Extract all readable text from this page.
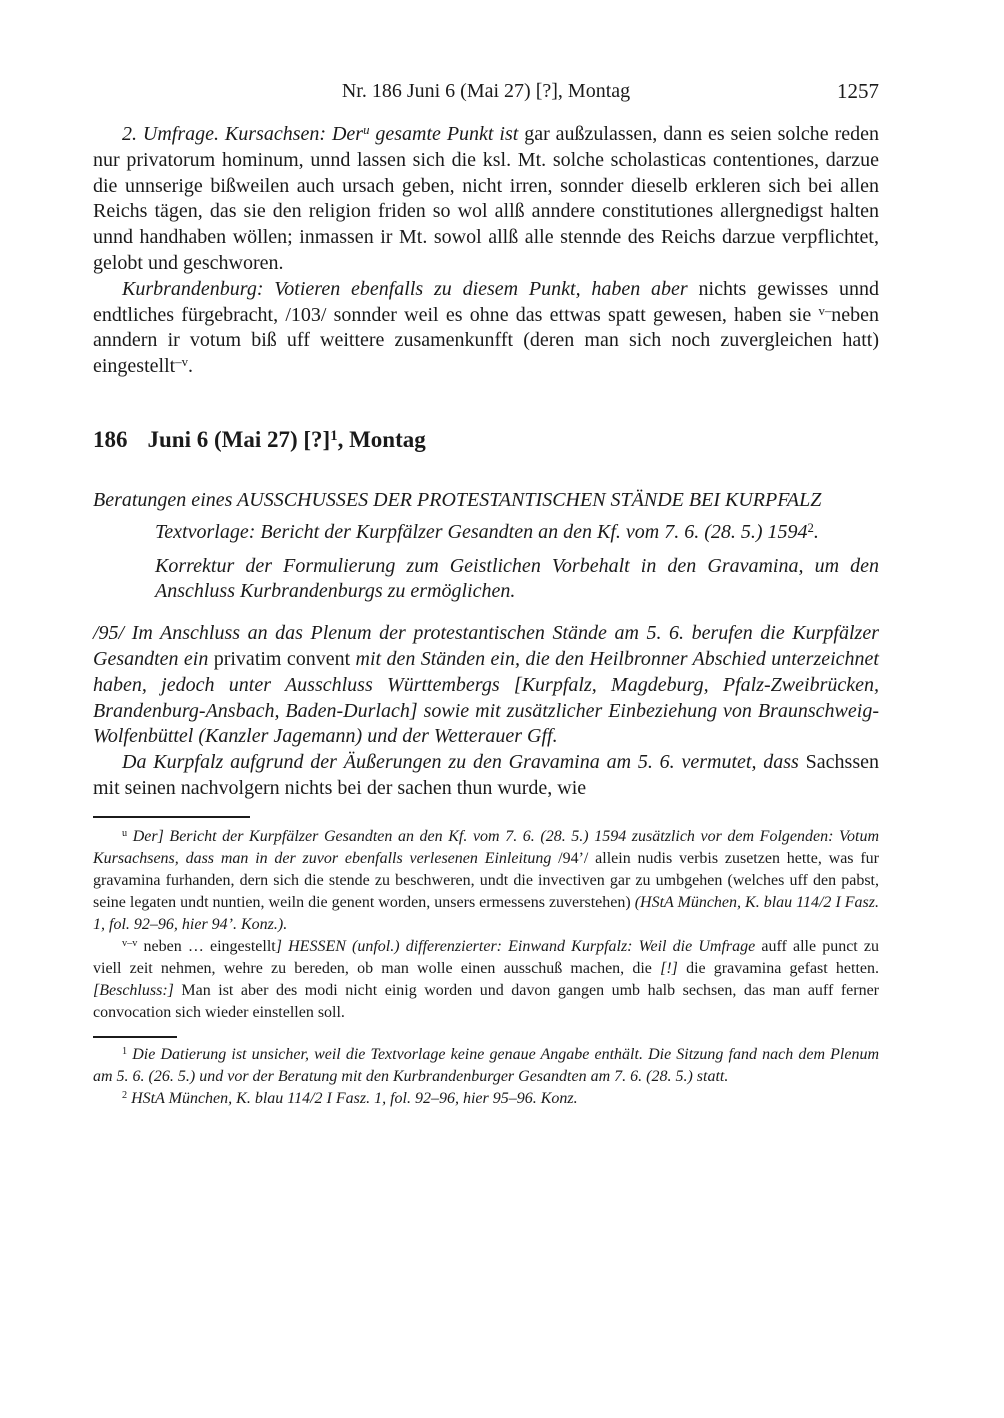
Nr. 186 Juni 6 (Mai 27) [?], Montag	1257

2. Umfrage. Kursachsen: Der$^u$ gesamte Punkt ist gar außzulassen, dann es seien solche reden nur privatorum hominum, unnd lassen sich die ksl. Mt. solche scholasticas contentiones, darzue die unnserige bißweilen auch ursach geben, nicht irren, sonnder dieselb erkleren sich bei allen Reichs tägen, das sie den religion friden so wol allß anndere constitutiones allergnedigst halten unnd handhaben wöllen; inmassen ir Mt. sowol allß alle stennde des Reichs darzue verpflichtet, gelobt und geschworen.

Kurbrandenburg: Votieren ebenfalls zu diesem Punkt, haben aber nichts gewisses unnd endtliches fürgebracht, /103/ sonnder weil es ohne das ettwas spatt gewesen, haben sie $^{v-}$neben anndern ir votum biß uff weittere zusamenkunfft (deren man sich noch zuvergleichen hatt) eingestellt$^{-v}$.

186 Juni 6 (Mai 27) [?]$^1$, Montag

Beratungen eines AUSSCHUSSES DER PROTESTANTISCHEN STÄNDE BEI KURPFALZ

Textvorlage: Bericht der Kurpfälzer Gesandten an den Kf. vom 7. 6. (28. 5.) 1594$^2$.

Korrektur der Formulierung zum Geistlichen Vorbehalt in den Gravamina, um den Anschluss Kurbrandenburgs zu ermöglichen.

/95/ Im Anschluss an das Plenum der protestantischen Stände am 5. 6. berufen die Kurpfälzer Gesandten ein privatim convent mit den Ständen ein, die den Heilbronner Abschied unterzeichnet haben, jedoch unter Ausschluss Württembergs [Kurpfalz, Magdeburg, Pfalz-Zweibrücken, Brandenburg-Ansbach, Baden-Durlach] sowie mit zusätzlicher Einbeziehung von Braunschweig-Wolfenbüttel (Kanzler Jagemann) und der Wetterauer Gff.

Da Kurpfalz aufgrund der Äußerungen zu den Gravamina am 5. 6. vermutet, dass Sachssen mit seinen nachvolgern nichts bei der sachen thun wurde, wie

$^u$ Der] Bericht der Kurpfälzer Gesandten an den Kf. vom 7. 6. (28. 5.) 1594 zusätzlich vor dem Folgenden: Votum Kursachsens, dass man in der zuvor ebenfalls verlesenen Einleitung /94’/ allein nudis verbis zusetzen hette, was fur gravamina furhanden, dern sich die stende zu beschweren, undt die invectiven gar zu umbgehen (welches uff den pabst, seine legaten undt nuntien, weiln die genent worden, unsers ermessens zuverstehen) (HStA München, K. blau 114/2 I Fasz. 1, fol. 92–96, hier 94’. Konz.).

$^{v-v}$ neben … eingestellt] HESSEN (unfol.) differenzierter: Einwand Kurpfalz: Weil die Umfrage auff alle punct zu viell zeit nehmen, wehre zu bereden, ob man wolle einen ausschuß machen, die [!] die gravamina gefast hetten. [Beschluss:] Man ist aber des modi nicht einig worden und davon gangen umb halb sechsen, das man auff ferner convocation sich wieder einstellen soll.

$^1$ Die Datierung ist unsicher, weil die Textvorlage keine genaue Angabe enthält. Die Sitzung fand nach dem Plenum am 5. 6. (26. 5.) und vor der Beratung mit den Kurbrandenburger Gesandten am 7. 6. (28. 5.) statt.

$^2$ HStA München, K. blau 114/2 I Fasz. 1, fol. 92–96, hier 95–96. Konz.
